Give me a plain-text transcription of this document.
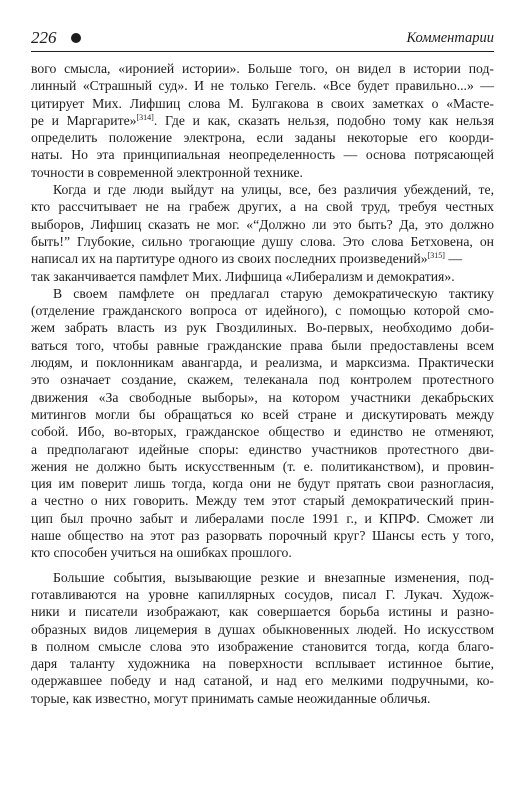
226	Комментарии
вого смысла, «иронией истории». Больше того, он видел в истории под-
линный «Страшный суд». И не только Гегель. «Все будет правильно...» —
цитирует Мих. Лифшиц слова М. Булгакова в своих заметках о «Масте-
ре и Маргарите»[314]. Где и как, сказать нельзя, подобно тому как нельзя
определить положение электрона, если заданы некоторые его коорди-
наты. Но эта принципиальная неопределенность — основа потрясающей
точности в современной электронной технике.
Когда и где люди выйдут на улицы, все, без различия убеждений, те,
кто рассчитывает не на грабеж других, а на свой труд, требуя честных
выборов, Лифшиц сказать не мог. «“Должно ли это быть? Да, это должно
быть!” Глубокие, сильно трогающие душу слова. Это слова Бетховена, он
написал их на партитуре одного из своих последних произведений»[315] —
так заканчивается памфлет Мих. Лифшица «Либерализм и демократия».
В своем памфлете он предлагал старую демократическую тактику
(отделение гражданского вопроса от идейного), с помощью которой смо-
жем забрать власть из рук Гвоздилиных. Во-первых, необходимо доби-
ваться того, чтобы равные гражданские права были предоставлены всем
людям, и поклонникам авангарда, и реализма, и марксизма. Практически
это означает создание, скажем, телеканала под контролем протестного
движения «За свободные выборы», на котором участники декабрьских
митингов могли бы обращаться ко всей стране и дискутировать между
собой. Ибо, во-вторых, гражданское общество и единство не отменяют,
а предполагают идейные споры: единство участников протестного дви-
жения не должно быть искусственным (т. е. политиканством), и провин-
ция им поверит лишь тогда, когда они не будут прятать свои разногласия,
а честно о них говорить. Между тем этот старый демократический прин-
цип был прочно забыт и либералами после 1991 г., и КПРФ. Сможет ли
наше общество на этот раз разорвать порочный круг? Шансы есть у того,
кто способен учиться на ошибках прошлого.
Большие события, вызывающие резкие и внезапные изменения, под-
готавливаются на уровне капиллярных сосудов, писал Г. Лукач. Худож-
ники и писатели изображают, как совершается борьба истины и разно-
образных видов лицемерия в душах обыкновенных людей. Но искусством
в полном смысле слова это изображение становится тогда, когда благо-
даря таланту художника на поверхности всплывает истинное бытие,
одержавшее победу и над сатаной, и над его мелкими подручными, ко-
торые, как известно, могут принимать самые неожиданные обличья.
